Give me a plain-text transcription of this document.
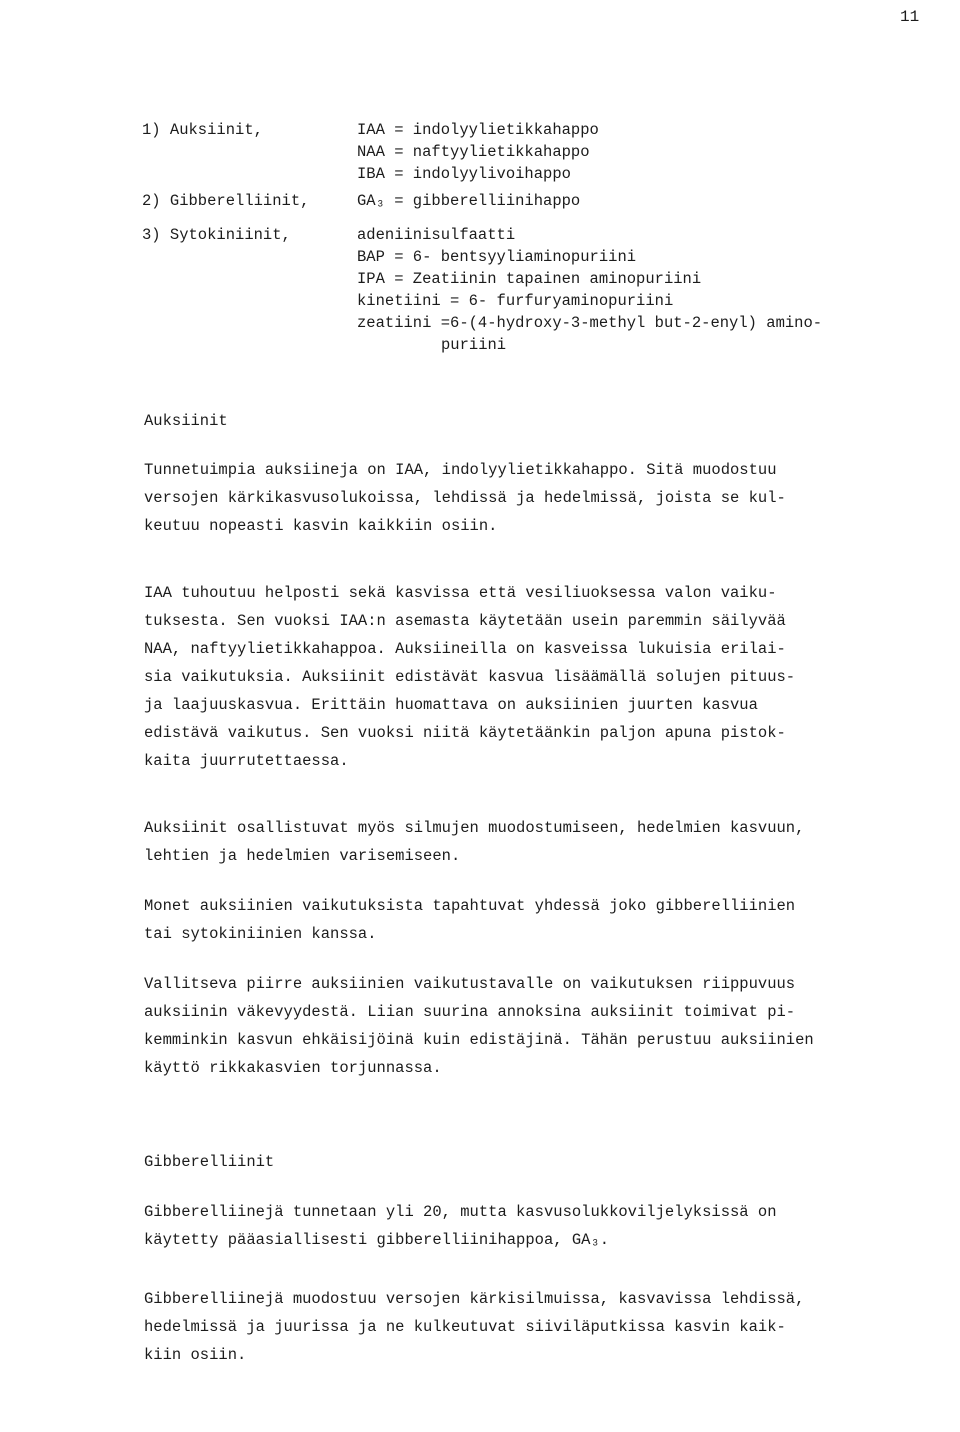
11
1) Auksiinit,	IAA = indolyylietikkahappo
NAA = naftyylietikkahappo
IBA = indolyylivoihappo
2) Gibberelliinit,	GA₃ = gibberelliinihappo
3) Sytokiniinit,	adeniinisulfaatti
BAP = 6- bentsyyliaminopuriini
IPA = Zeatiinin tapainen aminopuriini
kinetiini = 6- furfuryaminopuriini
zeatiini =6-(4-hydroxy-3-methyl but-2-enyl) amino-
puriini
Auksiinit
Tunnetuimpia auksiineja on IAA, indolyylietikkahappo. Sitä muodostuu
versojen kärkikasvusolukoissa, lehdissä ja hedelmissä, joista se kul-
keutuu nopeasti kasvin kaikkiin osiin.
IAA tuhoutuu helposti sekä kasvissa että vesiliuoksessa valon vaiku-
tuksesta. Sen vuoksi IAA:n asemasta käytetään usein paremmin säilyvää
NAA, naftyylietikkahappoa. Auksiineilla on kasveissa lukuisia erilai-
sia vaikutuksia. Auksiinit edistävät kasvua lisäämällä solujen pituus-
ja laajuuskasvua. Erittäin huomattava on auksiinien juurten kasvua
edistävä vaikutus. Sen vuoksi niitä käytetäänkin paljon apuna pistok-
kaita juurrutettaessa.
Auksiinit osallistuvat myös silmujen muodostumiseen, hedelmien kasvuun,
lehtien ja hedelmien varisemiseen.
Monet auksiinien vaikutuksista tapahtuvat yhdessä joko gibberelliinien
tai sytokiniinien kanssa.
Vallitseva piirre auksiinien vaikutustavalle on vaikutuksen riippuvuus
auksiinin väkevyydestä. Liian suurina annoksina auksiinit toimivat pi-
kemminkin kasvun ehkäisijöinä kuin edistäjinä. Tähän perustuu auksiinien
käyttö rikkakasvien torjunnassa.
Gibberelliinit
Gibberelliinejä tunnetaan yli 20, mutta kasvusolukkoviljelyksissä on
käytetty pääasiallisesti gibberelliinihappoa, GA₃.
Gibberelliinejä muodostuu versojen kärkisilmuissa, kasvavissa lehdissä,
hedelmissä ja juurissa ja ne kulkeutuvat siiviläputkissa kasvin kaik-
kiin osiin.
